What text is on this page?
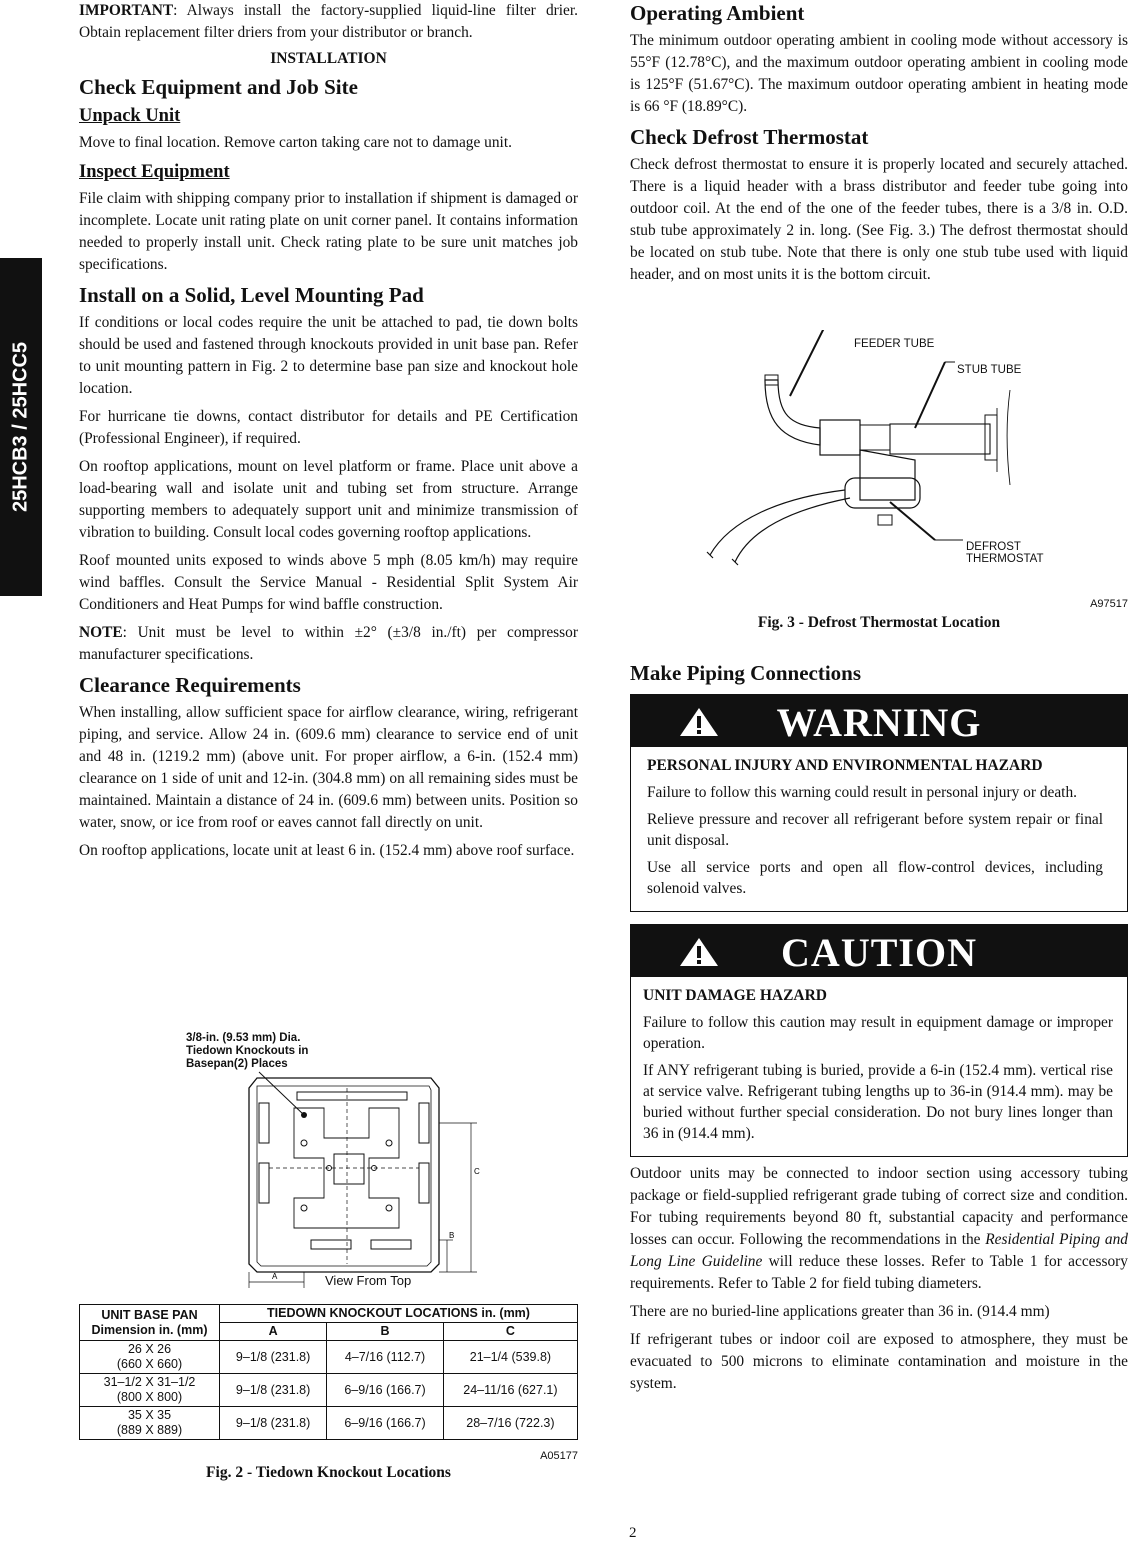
25HCB3 / 25HCC5

IMPORTANT: Always install the factory-supplied liquid-line filter drier. Obtain replacement filter driers from your distributor or branch.

INSTALLATION
Check Equipment and Job Site
Unpack Unit

Move to final location. Remove carton taking care not to damage unit.

Inspect Equipment

File claim with shipping company prior to installation if shipment is damaged or incomplete. Locate unit rating plate on unit corner panel. It contains information needed to properly install unit. Check rating plate to be sure unit matches job specifications.

Install on a Solid, Level Mounting Pad

If conditions or local codes require the unit be attached to pad, tie down bolts should be used and fastened through knockouts provided in unit base pan. Refer to unit mounting pattern in Fig. 2 to determine base pan size and knockout hole location.

For hurricane tie downs, contact distributor for details and PE Certification (Professional Engineer), if required.

On rooftop applications, mount on level platform or frame. Place unit above a load-bearing wall and isolate unit and tubing set from structure. Arrange supporting members to adequately support unit and minimize transmission of vibration to building. Consult local codes governing rooftop applications.

Roof mounted units exposed to winds above 5 mph (8.05 km/h) may require wind baffles. Consult the Service Manual - Residential Split System Air Conditioners and Heat Pumps for wind baffle construction.

NOTE: Unit must be level to within ±2° (±3/8 in./ft) per compressor manufacturer specifications.

Clearance Requirements

When installing, allow sufficient space for airflow clearance, wiring, refrigerant piping, and service. Allow 24 in. (609.6 mm) clearance to service end of unit and 48 in. (1219.2 mm) (above unit. For proper airflow, a 6-in. (152.4 mm) clearance on 1 side of unit and 12-in. (304.8 mm) on all remaining sides must be maintained. Maintain a distance of 24 in. (609.6 mm) between units. Position so water, snow, or ice from roof or eaves cannot fall directly on unit.

On rooftop applications, locate unit at least 6 in. (152.4 mm) above roof surface.

3/8-in. (9.53 mm) Dia.
Tiedown Knockouts in
Basepan(2) Places
C
B
A	View From Top
UNIT BASE PAN Dimension in. (mm)	TIEDOWN KNOCKOUT LOCATIONS in. (mm)		
	A	B	C

26 X 26
(660 X 660)	9–1/8 (231.8)	4–7/16 (112.7)	21–1/4 (539.8)

31–1/2 X 31–1/2
(800 X 800)	9–1/8 (231.8)	6–9/16 (166.7)	24–11/16 (627.1)

35 X 35
(889 X 889)	9–1/8 (231.8)	6–9/16 (166.7)	28–7/16 (722.3)
A05177
Fig. 2 - Tiedown Knockout Locations
Operating Ambient

The minimum outdoor operating ambient in cooling mode without accessory is 55°F (12.78°C), and the maximum outdoor operating ambient in cooling mode is 125°F (51.67°C). The maximum outdoor operating ambient in heating mode is 66 °F (18.89°C).

Check Defrost Thermostat

Check defrost thermostat to ensure it is properly located and securely attached. There is a liquid header with a brass distributor and feeder tube going into outdoor coil. At the end of the one of the feeder tubes, there is a 3/8 in. O.D. stub tube approximately 2 in. long. (See Fig. 3.) The defrost thermostat should be located on stub tube. Note that there is only one stub tube used with liquid header, and on most units it is the bottom circuit.

FEEDER TUBE
STUB TUBE
DEFROST
THERMOSTAT
A97517
Fig. 3 - Defrost Thermostat Location
Make Piping Connections
WARNING
PERSONAL INJURY AND ENVIRONMENTAL HAZARD

Failure to follow this warning could result in personal injury or death.

Relieve pressure and recover all refrigerant before system repair or final unit disposal.

Use all service ports and open all flow-control devices, including solenoid valves.

CAUTION
UNIT DAMAGE HAZARD

Failure to follow this caution may result in equipment damage or improper operation.

If ANY refrigerant tubing is buried, provide a 6-in (152.4 mm). vertical rise at service valve. Refrigerant tubing lengths up to 36-in (914.4 mm). may be buried without further special consideration. Do not bury lines longer than 36 in (914.4 mm).

Outdoor units may be connected to indoor section using accessory tubing package or field-supplied refrigerant grade tubing of correct size and condition. For tubing requirements beyond 80 ft, substantial capacity and performance losses can occur. Following the recommendations in the Residential Piping and Long Line Guideline will reduce these losses. Refer to Table 1 for accessory requirements. Refer to Table 2 for field tubing diameters.

There are no buried-line applications greater than 36 in. (914.4 mm)

If refrigerant tubes or indoor coil are exposed to atmosphere, they must be evacuated to 500 microns to eliminate contamination and moisture in the system.

2
